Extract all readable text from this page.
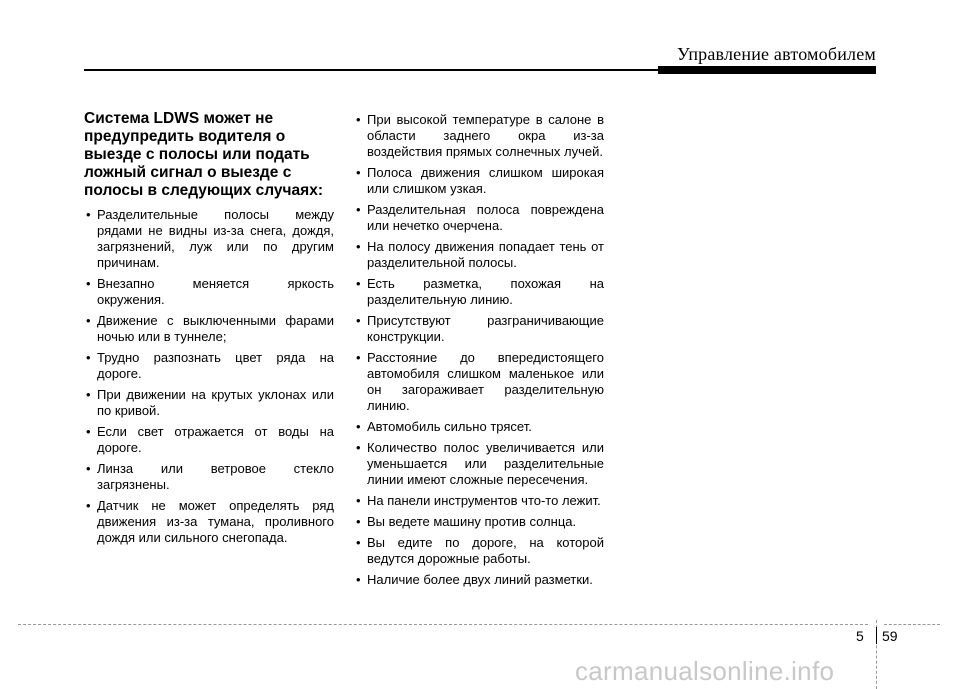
Управление автомобилем
Система LDWS может не предупредить водителя о выезде с полосы или подать ложный сигнал о выезде с полосы в следующих случаях:
• Разделительные полосы между рядами не видны из-за снега, дождя, загрязнений, луж или по другим причинам.
• Внезапно меняется яркость окружения.
• Движение с выключенными фарами ночью или в туннеле;
• Трудно разпознать цвет ряда на дороге.
• При движении на крутых уклонах или по кривой.
• Если свет отражается от воды на дороге.
• Линза или ветровое стекло загрязнены.
• Датчик не может определять ряд движения из-за тумана, проливного дождя или сильного снегопада.
• При высокой температуре в салоне в области заднего окра из-за воздействия прямых солнечных лучей.
• Полоса движения слишком широкая или слишком узкая.
• Разделительная полоса повреждена или нечетко очерчена.
• На полосу движения попадает тень от разделительной полосы.
• Есть разметка, похожая на разделительную линию.
• Присутствуют разграничивающие конструкции.
• Расстояние до впередистоящего автомобиля слишком маленькое или он загораживает разделительную линию.
• Автомобиль сильно трясет.
• Количество полос увеличивается или уменьшается или разделительные линии имеют сложные пересечения.
• На панели инструментов что-то лежит.
• Вы ведете машину против солнца.
• Вы едите по дороге, на которой ведутся дорожные работы.
• Наличие более двух линий разметки.
5 59
carmanualsonline.info
